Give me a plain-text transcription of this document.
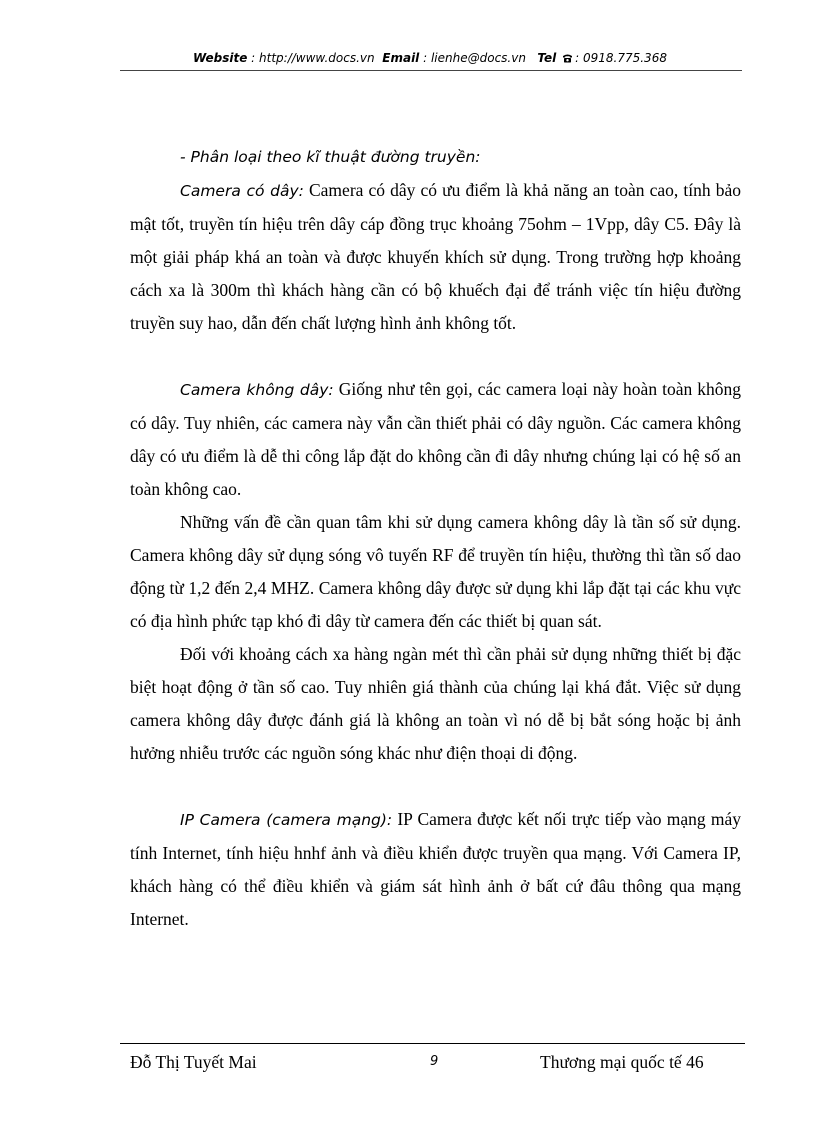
Website : http://www.docs.vn Email : lienhe@docs.vn Tel : 0918.775.368

- Phân loại theo kĩ thuật đường truyền:

Camera có dây: Camera có dây có ưu điểm là khả năng an toàn cao, tính bảo mật tốt, truyền tín hiệu trên dây cáp đồng trục khoảng 75ohm – 1Vpp, dây C5. Đây là một giải pháp khá an toàn và được khuyến khích sử dụng. Trong trường hợp khoảng cách xa là 300m thì khách hàng cần có bộ khuếch đại để tránh việc tín hiệu đường truyền suy hao, dẫn đến chất lượng hình ảnh không tốt.

Camera không dây: Giống như tên gọi, các camera loại này hoàn toàn không có dây. Tuy nhiên, các camera này vẫn cần thiết phải có dây nguồn. Các camera không dây có ưu điểm là dễ thi công lắp đặt do không cần đi dây nhưng chúng lại có hệ số an toàn không cao.

Những vấn đề cần quan tâm khi sử dụng camera không dây là tần số sử dụng. Camera không dây sử dụng sóng vô tuyến RF để truyền tín hiệu, thường thì tần số dao động từ 1,2 đến 2,4 MHZ. Camera không dây được sử dụng khi lắp đặt tại các khu vực có địa hình phức tạp khó đi dây từ camera đến các thiết bị quan sát.

Đối với khoảng cách xa hàng ngàn mét thì cần phải sử dụng những thiết bị đặc biệt hoạt động ở tần số cao. Tuy nhiên giá thành của chúng lại khá đắt. Việc sử dụng camera không dây được đánh giá là không an toàn vì nó dễ bị bắt sóng hoặc bị ảnh hưởng nhiễu trước các nguồn sóng khác như điện thoại di động.

IP Camera (camera mạng): IP Camera được kết nối trực tiếp vào mạng máy tính Internet, tính hiệu hnhf ảnh và điều khiển được truyền qua mạng. Với Camera IP, khách hàng có thể điều khiển và giám sát hình ảnh ở bất cứ đâu thông qua mạng Internet.

Đỗ Thị Tuyết Mai	9	Thương mại quốc tế 46
